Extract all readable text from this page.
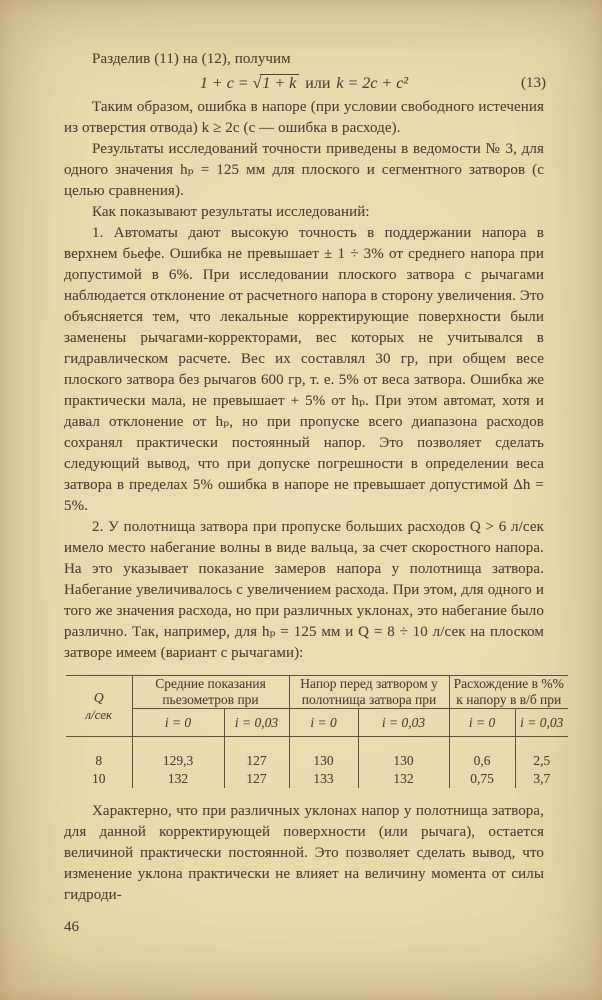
Разделив (11) на (12), получим

1 + c = √1 + k или k = 2c + c²	(13)

Таким образом, ошибка в напоре (при условии свободного истечения из отверстия отвода) k ≥ 2c (с — ошибка в расходе).

Результаты исследований точности приведены в ведомости № 3, для одного значения hₚ = 125 мм для плоского и сегментного затворов (с целью сравнения).

Как показывают результаты исследований:

1. Автоматы дают высокую точность в поддержании напора в верхнем бьефе. Ошибка не превышает ± 1 ÷ 3% от среднего напора при допустимой в 6%. При исследовании плоского затвора с рычагами наблюдается отклонение от расчетного напора в сторону увеличения. Это объясняется тем, что лекальные корректирующие поверхности были заменены рычагами-корректорами, вес которых не учитывался в гидравлическом расчете. Вес их составлял 30 гр, при общем весе плоского затвора без рычагов 600 гр, т. е. 5% от веса затвора. Ошибка же практически мала, не превышает + 5% от hₚ. При этом автомат, хотя и давал отклонение от hₚ, но при пропуске всего диапазона расходов сохранял практически постоянный напор. Это позволяет сделать следующий вывод, что при допуске погрешности в определении веса затвора в пределах 5% ошибка в напоре не превышает допустимой Δh = 5%.

2. У полотнища затвора при пропуске больших расходов Q > 6 л/сек имело место набегание волны в виде вальца, за счет скоростного напора. На это указывает показание замеров напора у полотнища затвора. Набегание увеличивалось с увеличением расхода. При этом, для одного и того же значения расхода, но при различных уклонах, это набегание было различно. Так, например, для hₚ = 125 мм и Q = 8 ÷ 10 л/сек на плоском затворе имеем (вариант с рычагами):

Q
л/сек	Средние показания пьезометров при		Напор перед затвором у полотнища затвора при		Расхождение в %% к напору в в/б при	
	i = 0	i = 0,03	i = 0	i = 0,03	i = 0	i = 0,03
8	129,3	127	130	130	0,6	2,5
10	132	127	133	132	0,75	3,7

Характерно, что при различных уклонах напор у полотнища затвора, для данной корректирующей поверхности (или рычага), остается величиной практически постоянной. Это позволяет сделать вывод, что изменение уклона практически не влияет на величину момента от силы гидроди-

46
